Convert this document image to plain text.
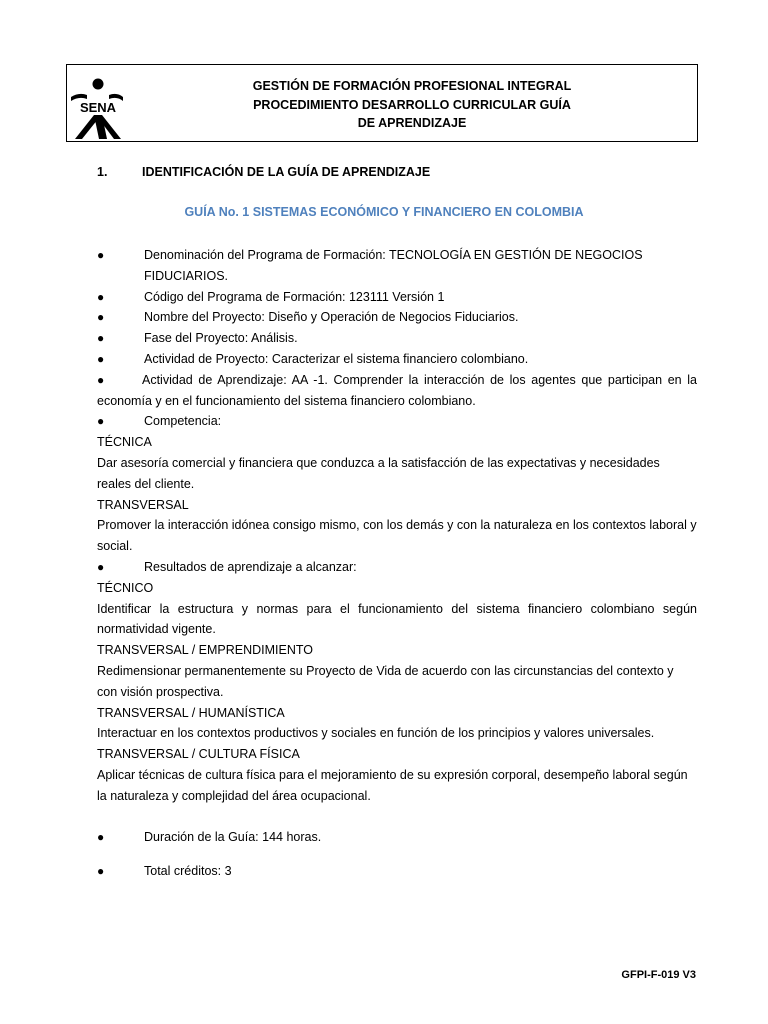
SENA
GESTIÓN DE FORMACIÓN PROFESIONAL INTEGRAL
PROCEDIMIENTO DESARROLLO CURRICULAR GUÍA
DE APRENDIZAJE
1.	IDENTIFICACIÓN DE LA GUÍA DE APRENDIZAJE
GUÍA No. 1 SISTEMAS ECONÓMICO Y FINANCIERO EN COLOMBIA
●	Denominación del Programa de Formación: TECNOLOGÍA EN GESTIÓN DE NEGOCIOS FIDUCIARIOS.
●	Código del Programa de Formación: 123111 Versión 1
●	Nombre del Proyecto: Diseño y Operación de Negocios Fiduciarios.
●	Fase del Proyecto: Análisis.
●	Actividad de Proyecto: Caracterizar el sistema financiero colombiano.
●	Actividad de Aprendizaje: AA -1. Comprender la interacción de los agentes que participan en la economía y en el funcionamiento del sistema financiero colombiano.
●	Competencia:
TÉCNICA
Dar asesoría comercial y financiera que conduzca a la satisfacción de las expectativas y necesidades reales del cliente.
TRANSVERSAL
Promover la interacción idónea consigo mismo, con los demás y con la naturaleza en los contextos laboral y social.
●	Resultados de aprendizaje a alcanzar:
TÉCNICO
Identificar la estructura y normas para el funcionamiento del sistema financiero colombiano según normatividad vigente.
TRANSVERSAL / EMPRENDIMIENTO
Redimensionar permanentemente su Proyecto de Vida de acuerdo con las circunstancias del contexto y con visión prospectiva.
TRANSVERSAL / HUMANÍSTICA
Interactuar en los contextos productivos y sociales en función de los principios y valores universales.
TRANSVERSAL / CULTURA FÍSICA
Aplicar técnicas de cultura física para el mejoramiento de su expresión corporal, desempeño laboral según la naturaleza y complejidad del área ocupacional.
●	Duración de la Guía: 144 horas.
●	Total créditos: 3
GFPI-F-019 V3
